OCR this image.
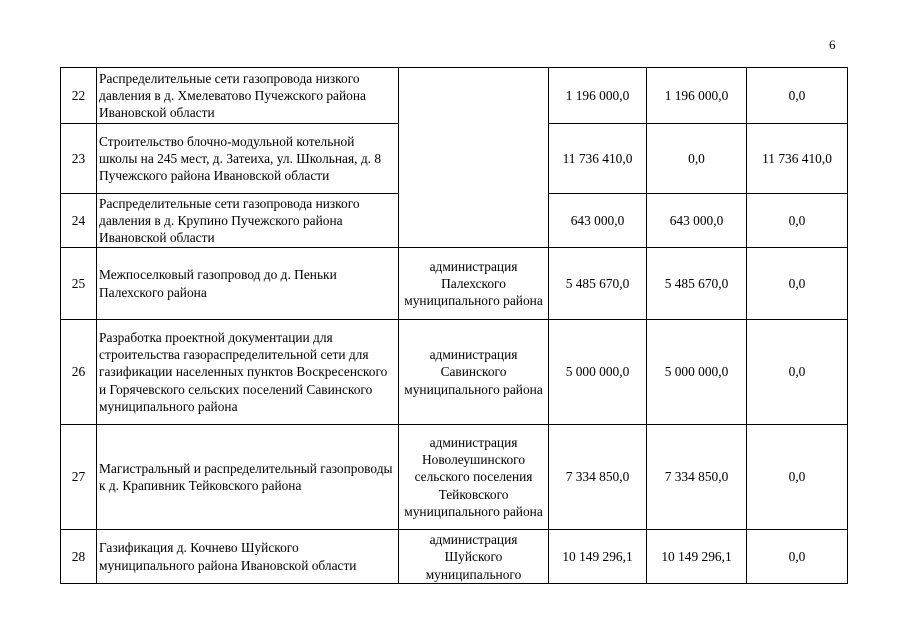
6
22	Распределительные сети газопровода низкого давления в д. Хмелеватово Пучежского района Ивановской области		1 196 000,0	1 196 000,0	0,0
23	Строительство блочно-модульной котельной школы на 245 мест, д. Затеиха, ул. Школьная, д. 8 Пучежского района Ивановской области		11 736 410,0	0,0	11 736 410,0
24	Распределительные сети газопровода низкого давления в д. Крупино Пучежского района Ивановской области		643 000,0	643 000,0	0,0
25	Межпоселковый газопровод до д. Пеньки Палехского района	администрация Палехского муниципального района	5 485 670,0	5 485 670,0	0,0
26	Разработка проектной документации для строительства газораспределительной сети для газификации населенных пунктов Воскресенского и Горячевского сельских поселений Савинского муниципального района	администрация Савинского муниципального района	5 000 000,0	5 000 000,0	0,0
27	Магистральный и распределительный газопроводы к д. Крапивник Тейковского района	администрация Новолеушинского сельского поселения Тейковского муниципального района	7 334 850,0	7 334 850,0	0,0
28	Газификация д. Кочнево Шуйского муниципального района Ивановской области	администрация Шуйского муниципального	10 149 296,1	10 149 296,1	0,0
